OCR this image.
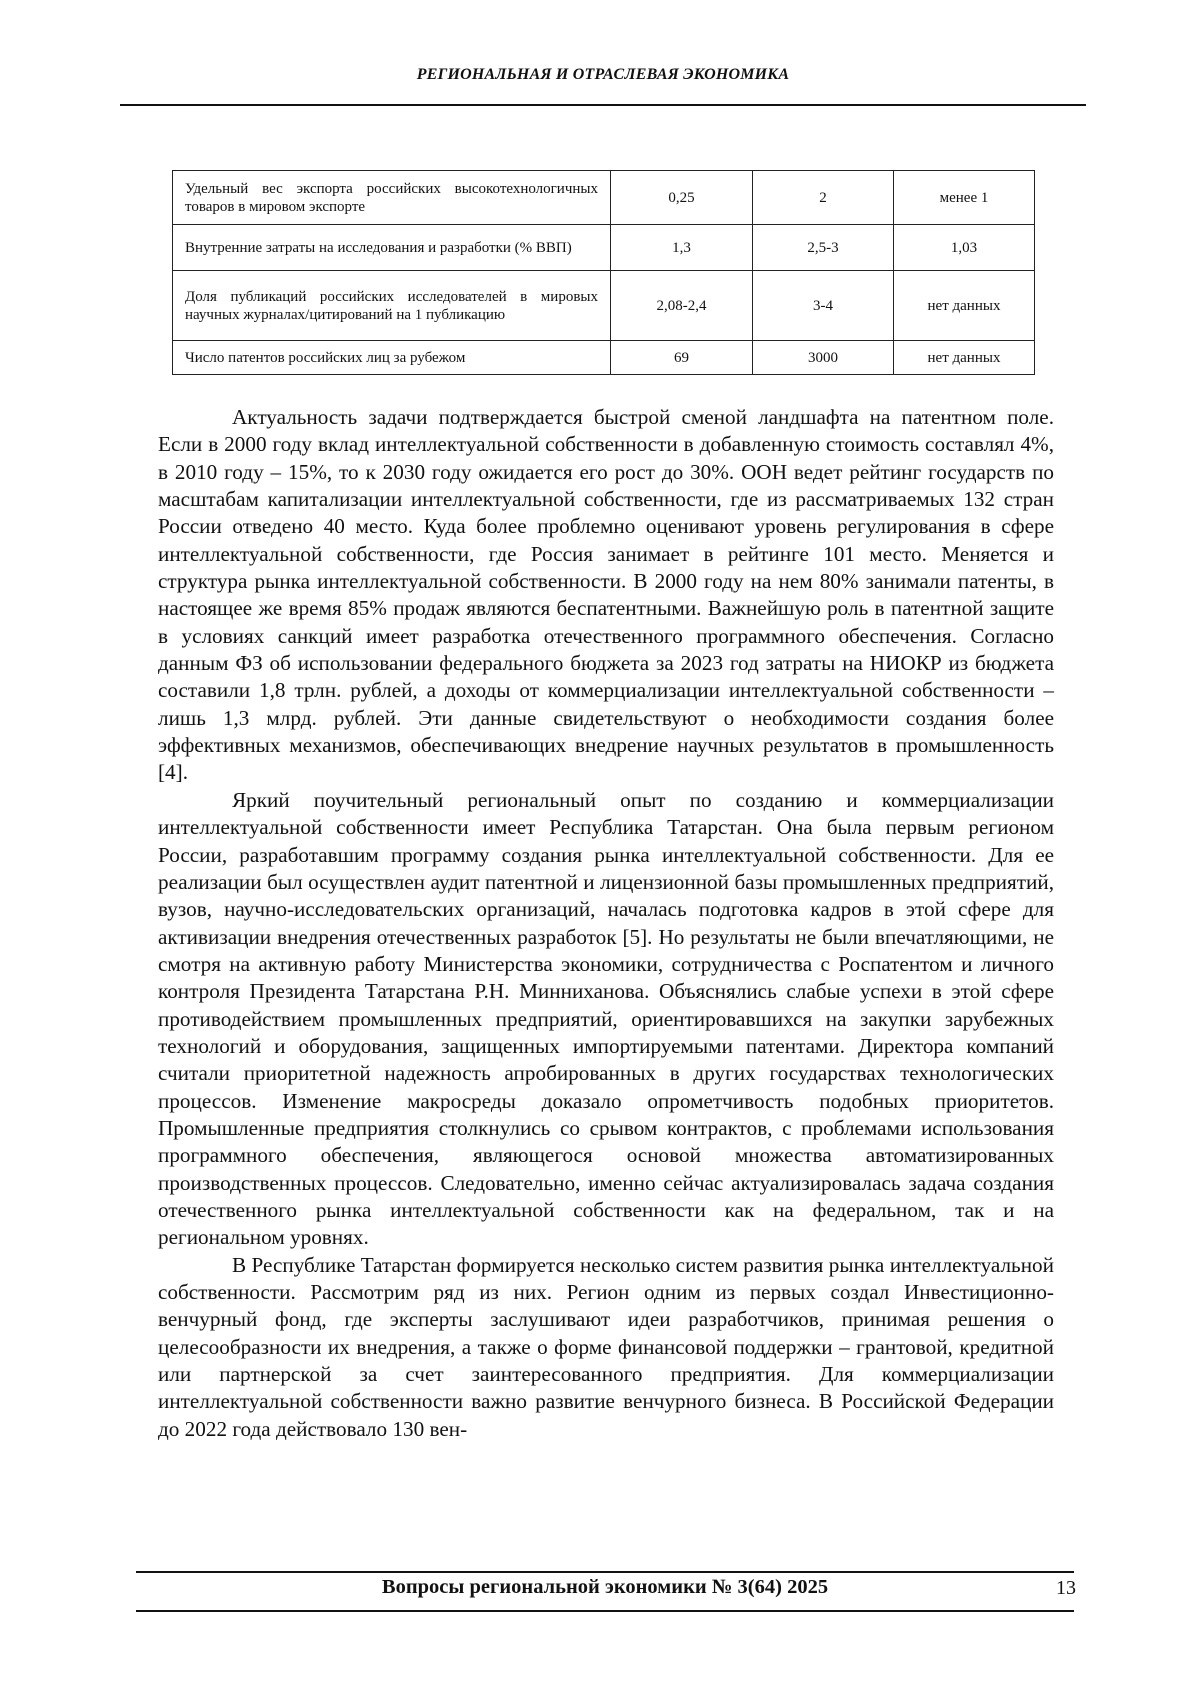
РЕГИОНАЛЬНАЯ И ОТРАСЛЕВАЯ ЭКОНОМИКА
Удельный вес экспорта российских высокотехнологичных товаров в мировом экспорте	0,25	2	менее 1
Внутренние затраты на исследования и разработки (% ВВП)	1,3	2,5-3	1,03
Доля публикаций российских исследователей в мировых научных журналах/цитирований на 1 публикацию	2,08-2,4	3-4	нет данных
Число патентов российских лиц за рубежом	69	3000	нет данных

Актуальность задачи подтверждается быстрой сменой ландшафта на патентном поле. Если в 2000 году вклад интеллектуальной собственности в добавленную стоимость составлял 4%, в 2010 году – 15%, то к 2030 году ожидается его рост до 30%. ООН ведет рейтинг государств по масштабам капитализации интеллектуальной собственности, где из рассматриваемых 132 стран России отведено 40 место. Куда более проблемно оценивают уровень регулирования в сфере интеллектуальной собственности, где Россия занимает в рейтинге 101 место. Меняется и структура рынка интеллектуальной собственности. В 2000 году на нем 80% занимали патенты, в настоящее же время 85% продаж являются беспатентными. Важнейшую роль в патентной защите в условиях санкций имеет разработка отечественного программного обеспечения. Согласно данным ФЗ об использовании федерального бюджета за 2023 год затраты на НИОКР из бюджета составили 1,8 трлн. рублей, а доходы от коммерциализации интеллектуальной собственности – лишь 1,3 млрд. рублей. Эти данные свидетельствуют о необходимости создания более эффективных механизмов, обеспечивающих внедрение научных результатов в промышленность [4].

Яркий поучительный региональный опыт по созданию и коммерциализации интеллектуальной собственности имеет Республика Татарстан. Она была первым регионом России, разработавшим программу создания рынка интеллектуальной собственности. Для ее реализации был осуществлен аудит патентной и лицензионной базы промышленных предприятий, вузов, научно-исследовательских организаций, началась подготовка кадров в этой сфере для активизации внедрения отечественных разработок [5]. Но результаты не были впечатляющими, не смотря на активную работу Министерства экономики, сотрудничества с Роспатентом и личного контроля Президента Татарстана Р.Н. Минниханова. Объяснялись слабые успехи в этой сфере противодействием промышленных предприятий, ориентировавшихся на закупки зарубежных технологий и оборудования, защищенных импортируемыми патентами. Директора компаний считали приоритетной надежность апробированных в других государствах технологических процессов. Изменение макросреды доказало опрометчивость подобных приоритетов. Промышленные предприятия столкнулись со срывом контрактов, с проблемами использования программного обеспечения, являющегося основой множества автоматизированных производственных процессов. Следовательно, именно сейчас актуализировалась задача создания отечественного рынка интеллектуальной собственности как на федеральном, так и на региональном уровнях.

В Республике Татарстан формируется несколько систем развития рынка интеллектуальной собственности. Рассмотрим ряд из них. Регион одним из первых создал Инвестиционно-венчурный фонд, где эксперты заслушивают идеи разработчиков, принимая решения о целесообразности их внедрения, а также о форме финансовой поддержки – грантовой, кредитной или партнерской за счет заинтересованного предприятия. Для коммерциализации интеллектуальной собственности важно развитие венчурного бизнеса. В Российской Федерации до 2022 года действовало 130 вен-

Вопросы региональной экономики № 3(64) 2025	13
